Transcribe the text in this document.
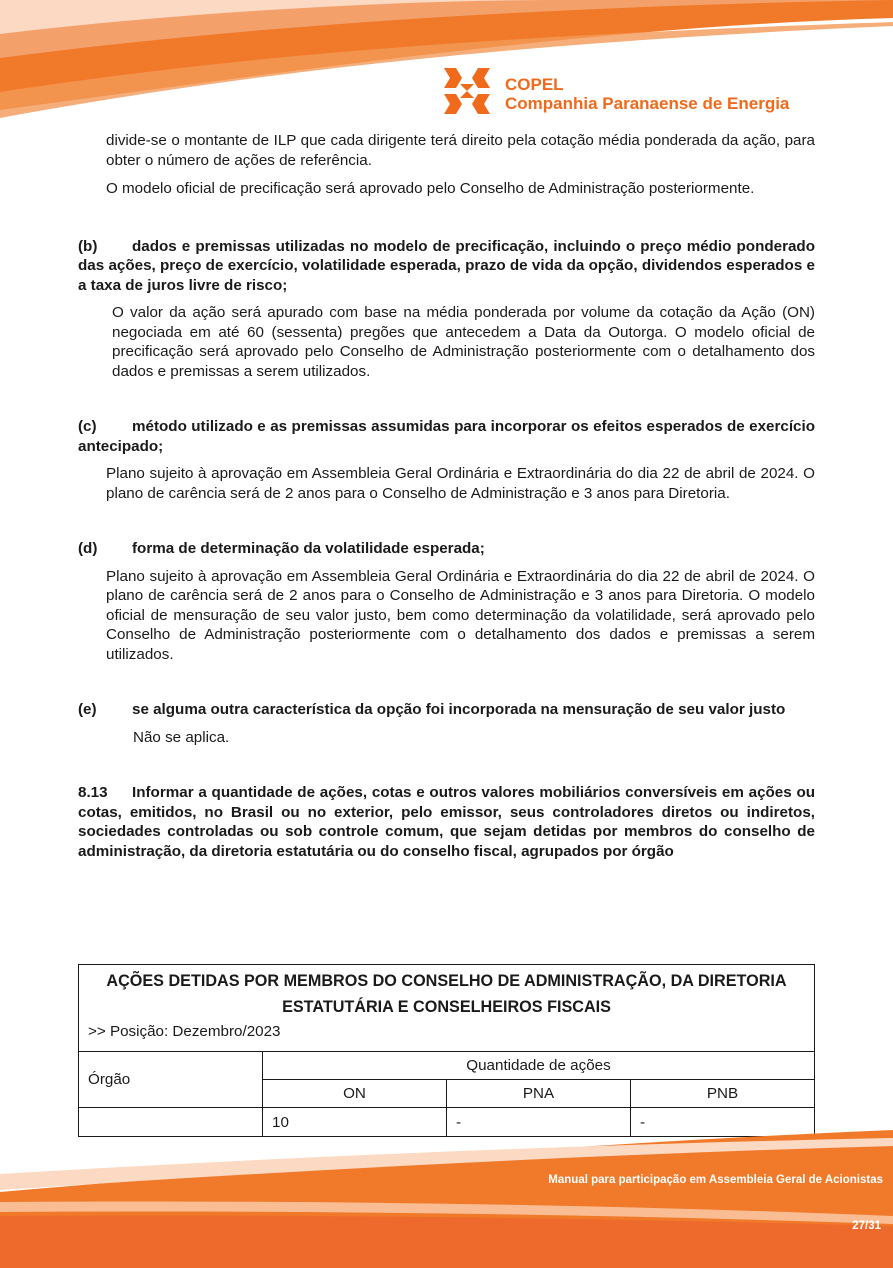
COPEL
Companhia Paranaense de Energia

divide-se o montante de ILP que cada dirigente terá direito pela cotação média ponderada da ação, para obter o número de ações de referência.

O modelo oficial de precificação será aprovado pelo Conselho de Administração posteriormente.

(b) dados e premissas utilizadas no modelo de precificação, incluindo o preço médio ponderado das ações, preço de exercício, volatilidade esperada, prazo de vida da opção, dividendos esperados e a taxa de juros livre de risco;

O valor da ação será apurado com base na média ponderada por volume da cotação da Ação (ON) negociada em até 60 (sessenta) pregões que antecedem a Data da Outorga. O modelo oficial de precificação será aprovado pelo Conselho de Administração posteriormente com o detalhamento dos dados e premissas a serem utilizados.

(c) método utilizado e as premissas assumidas para incorporar os efeitos esperados de exercício antecipado;

Plano sujeito à aprovação em Assembleia Geral Ordinária e Extraordinária do dia 22 de abril de 2024. O plano de carência será de 2 anos para o Conselho de Administração e 3 anos para Diretoria.

(d) forma de determinação da volatilidade esperada;

Plano sujeito à aprovação em Assembleia Geral Ordinária e Extraordinária do dia 22 de abril de 2024. O plano de carência será de 2 anos para o Conselho de Administração e 3 anos para Diretoria. O modelo oficial de mensuração de seu valor justo, bem como determinação da volatilidade, será aprovado pelo Conselho de Administração posteriormente com o detalhamento dos dados e premissas a serem utilizados.

(e) se alguma outra característica da opção foi incorporada na mensuração de seu valor justo

Não se aplica.

8.13 Informar a quantidade de ações, cotas e outros valores mobiliários conversíveis em ações ou cotas, emitidos, no Brasil ou no exterior, pelo emissor, seus controladores diretos ou indiretos, sociedades controladas ou sob controle comum, que sejam detidas por membros do conselho de administração, da diretoria estatutária ou do conselho fiscal, agrupados por órgão
AÇÕES DETIDAS POR MEMBROS DO CONSELHO DE ADMINISTRAÇÃO, DA DIRETORIA
ESTATUTÁRIA E CONSELHEIROS FISCAIS			
>> Posição: Dezembro/2023			
Órgão	Quantidade de ações		
	ON	PNA	PNB
	10	-	-
Manual para participação em Assembleia Geral de Acionistas
27/31
